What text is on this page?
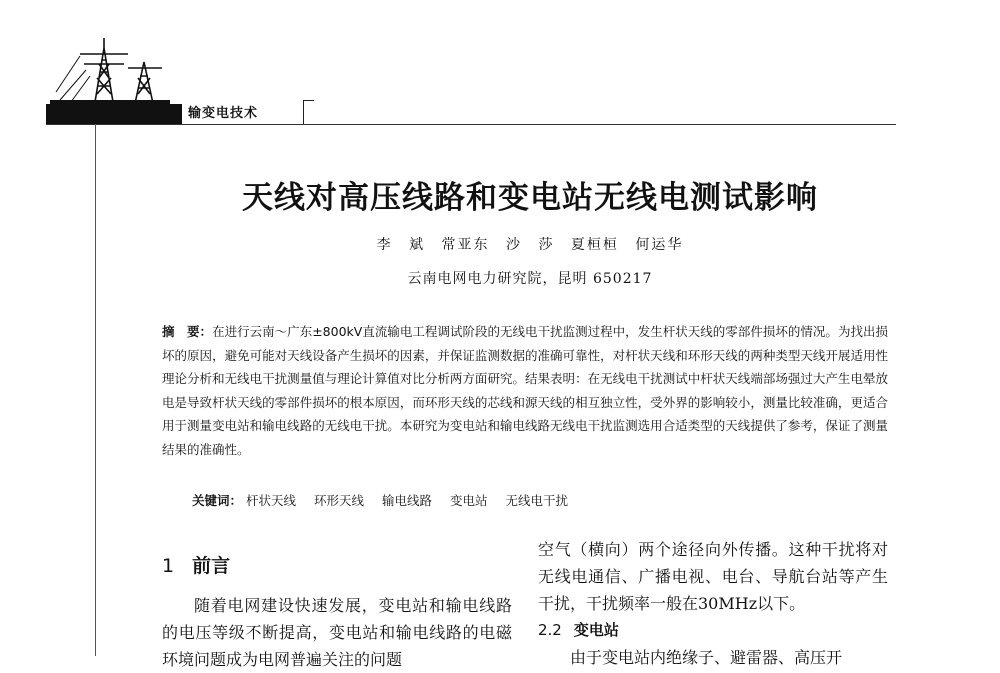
输变电技术
天线对高压线路和变电站无线电测试影响
李 斌 常亚东 沙 莎 夏桓桓 何运华
云南电网电力研究院，昆明 650217
摘　要：在进行云南～广东±800kV直流输电工程调试阶段的无线电干扰监测过程中，发生杆状天线的零部件损坏的情况。为找出损坏的原因，避免可能对天线设备产生损坏的因素，并保证监测数据的准确可靠性，对杆状天线和环形天线的两种类型天线开展适用性理论分析和无线电干扰测量值与理论计算值对比分析两方面研究。结果表明：在无线电干扰测试中杆状天线端部场强过大产生电晕放电是导致杆状天线的零部件损坏的根本原因，而环形天线的芯线和源天线的相互独立性，受外界的影响较小，测量比较准确，更适合用于测量变电站和输电线路的无线电干扰。本研究为变电站和输电线路无线电干扰监测选用合适类型的天线提供了参考，保证了测量结果的准确性。
关键词： 杆状天线 环形天线 输电线路 变电站 无线电干扰
1 前言

随着电网建设快速发展，变电站和输电线路的电压等级不断提高，变电站和输电线路的电磁环境问题成为电网普遍关注的问题

空气（横向）两个途径向外传播。这种干扰将对无线电通信、广播电视、电台、导航台站等产生干扰，干扰频率一般在30MHz以下。

2.2 变电站

由于变电站内绝缘子、避雷器、高压开
